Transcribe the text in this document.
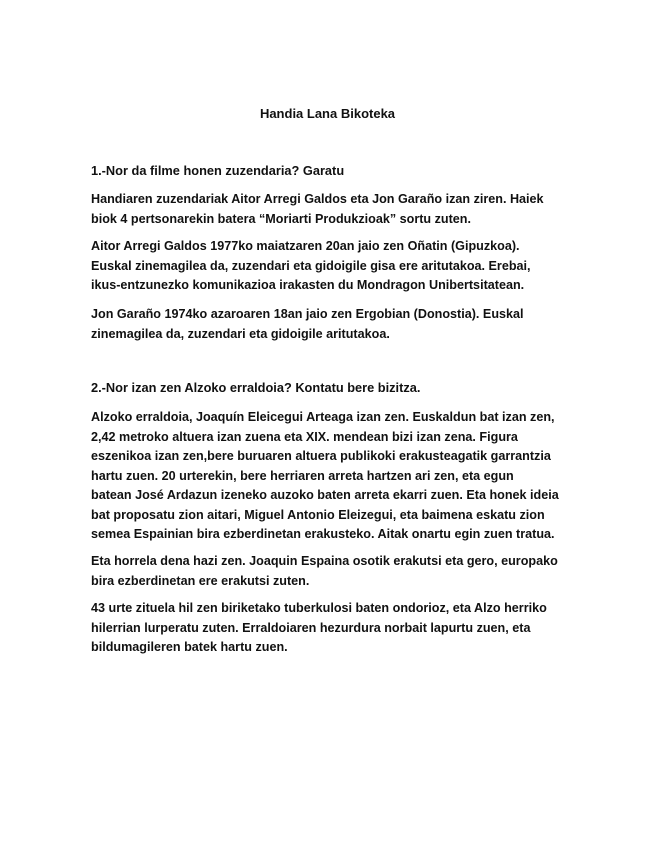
Handia Lana Bikoteka
1.-Nor da filme honen zuzendaria? Garatu
Handiaren zuzendariak Aitor Arregi Galdos eta Jon Garaño izan ziren. Haiek
biok 4 pertsonarekin batera “Moriarti Produkzioak” sortu zuten.
Aitor Arregi Galdos 1977ko maiatzaren 20an jaio zen Oñatin (Gipuzkoa).
Euskal zinemagilea da, zuzendari eta gidoigile gisa ere aritutakoa. Erebai,
ikus-entzunezko komunikazioa irakasten du Mondragon Unibertsitatean.
Jon Garaño 1974ko azaroaren 18an jaio zen Ergobian (Donostia). Euskal
zinemagilea da, zuzendari eta gidoigile aritutakoa.
2.-Nor izan zen Alzoko erraldoia? Kontatu bere bizitza.
Alzoko erraldoia, Joaquín Eleicegui Arteaga izan zen. Euskaldun bat izan zen,
2,42 metroko altuera izan zuena eta XIX. mendean bizi izan zena. Figura
eszenikoa izan zen,bere buruaren altuera publikoki erakusteagatik garrantzia
hartu zuen. 20 urterekin, bere herriaren arreta hartzen ari zen, eta egun
batean José Ardazun izeneko auzoko baten arreta ekarri zuen. Eta honek ideia
bat proposatu zion aitari, Miguel Antonio Eleizegui, eta baimena eskatu zion
semea Espainian bira ezberdinetan erakusteko. Aitak onartu egin zuen tratua.
Eta horrela dena hazi zen. Joaquin Espaina osotik erakutsi eta gero, europako
bira ezberdinetan ere erakutsi zuten.
43 urte zituela hil zen biriketako tuberkulosi baten ondorioz, eta Alzo herriko
hilerrian lurperatu zuten. Erraldoiaren hezurdura norbait lapurtu zuen, eta
bildumagileren batek hartu zuen.
